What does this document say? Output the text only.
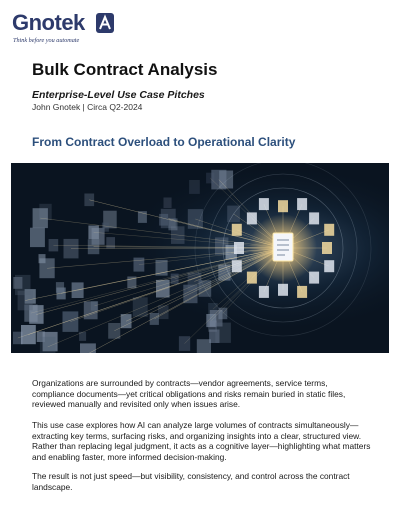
Gnotek
Think before you automate
Bulk Contract Analysis
Enterprise-Level Use Case Pitches
John Gnotek | Circa Q2-2024
From Contract Overload to Operational Clarity

Organizations are surrounded by contracts—vendor agreements, service terms, compliance documents—yet critical obligations and risks remain buried in static files, reviewed manually and revisited only when issues arise.

This use case explores how AI can analyze large volumes of contracts simultaneously—extracting key terms, surfacing risks, and organizing insights into a clear, structured view. Rather than replacing legal judgment, it acts as a cognitive layer—highlighting what matters and enabling faster, more informed decision-making.

The result is not just speed—but visibility, consistency, and control across the contract landscape.
